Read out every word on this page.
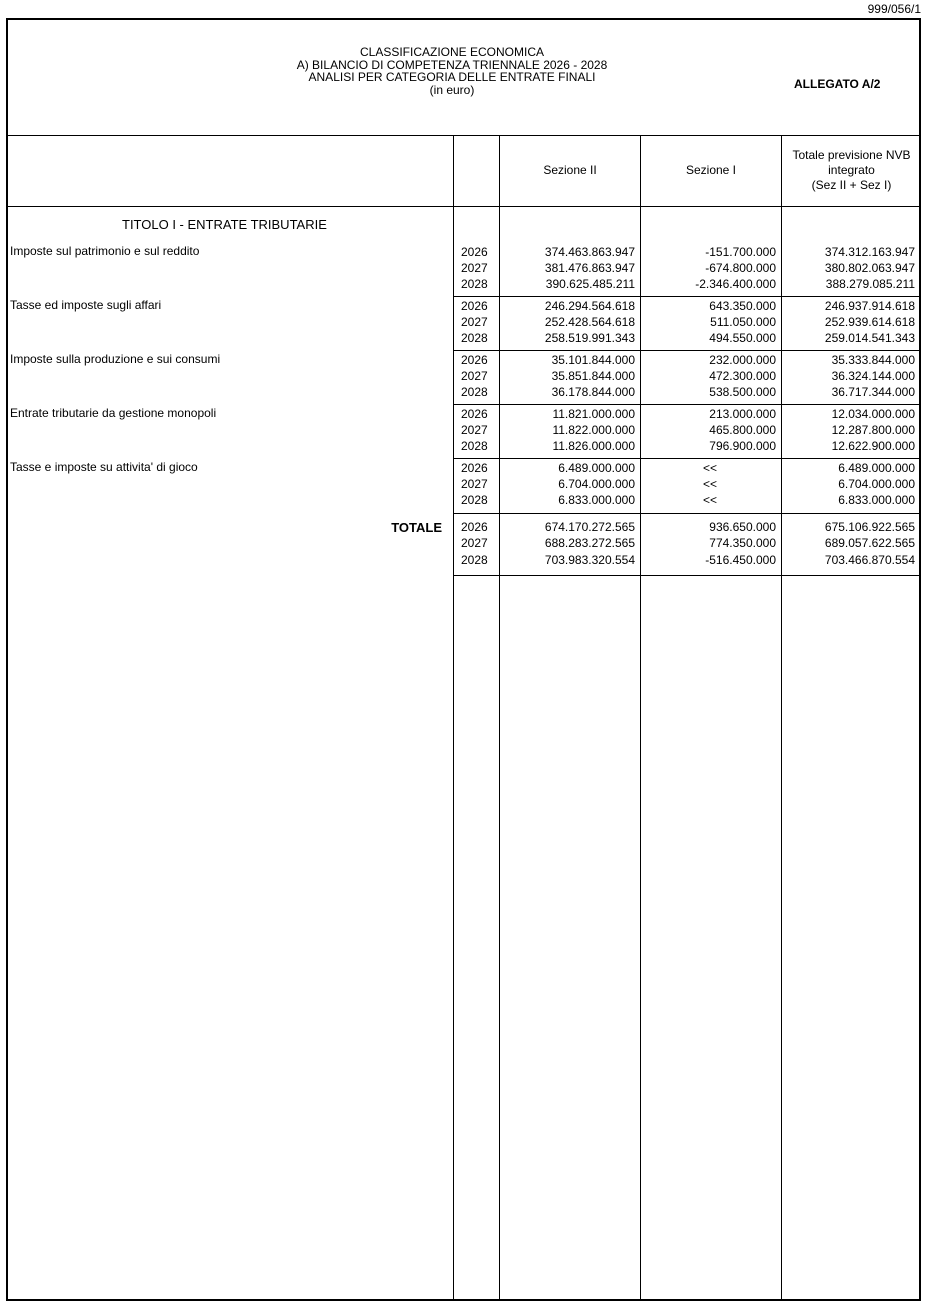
999/056/1
CLASSIFICAZIONE ECONOMICA
A) BILANCIO DI COMPETENZA TRIENNALE 2026 - 2028
ANALISI PER CATEGORIA DELLE ENTRATE FINALI
(in euro)	ALLEGATO A/2
Sezione II	Sezione I
Totale previsione NVB
integrato
(Sez II + Sez I)
TITOLO I - ENTRATE TRIBUTARIE
Imposte sul patrimonio e sul reddito	2026	374.463.863.947	-151.700.000	374.312.163.947
2027	381.476.863.947	-674.800.000	380.802.063.947
2028	390.625.485.211	-2.346.400.000	388.279.085.211
Tasse ed imposte sugli affari	2026	246.294.564.618	643.350.000	246.937.914.618
2027	252.428.564.618	511.050.000	252.939.614.618
2028	258.519.991.343	494.550.000	259.014.541.343
Imposte sulla produzione e sui consumi	2026	35.101.844.000	232.000.000	35.333.844.000
2027	35.851.844.000	472.300.000	36.324.144.000
2028	36.178.844.000	538.500.000	36.717.344.000
Entrate tributarie da gestione monopoli	2026	11.821.000.000	213.000.000	12.034.000.000
2027	11.822.000.000	465.800.000	12.287.800.000
2028	11.826.000.000	796.900.000	12.622.900.000
Tasse e imposte su attivita' di gioco	2026	6.489.000.000	<<	6.489.000.000
2027	6.704.000.000	<<	6.704.000.000
2028	6.833.000.000	<<	6.833.000.000
TOTALE 2026	674.170.272.565	936.650.000	675.106.922.565
2027	688.283.272.565	774.350.000	689.057.622.565
2028	703.983.320.554	-516.450.000	703.466.870.554
